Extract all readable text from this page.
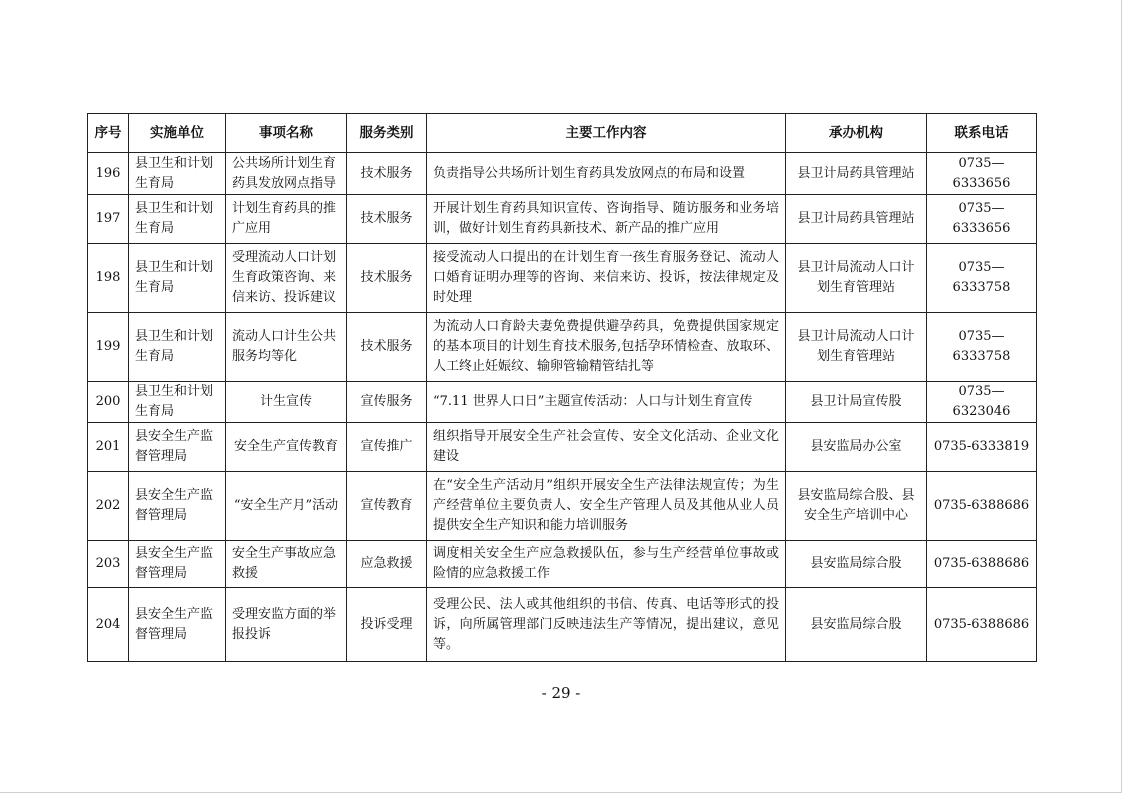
序号	实施单位	事项名称	服务类别	主要工作内容	承办机构	联系电话
196	县卫生和计划生育局	公共场所计划生育药具发放网点指导	技术服务	负责指导公共场所计划生育药具发放网点的布局和设置	县卫计局药具管理站	0735—6333656
197	县卫生和计划生育局	计划生育药具的推广应用	技术服务	开展计划生育药具知识宣传、咨询指导、随访服务和业务培训，做好计划生育药具新技术、新产品的推广应用	县卫计局药具管理站	0735—6333656
198	县卫生和计划生育局	受理流动人口计划生育政策咨询、来信来访、投诉建议	技术服务	接受流动人口提出的在计划生育一孩生育服务登记、流动人口婚育证明办理等的咨询、来信来访、投诉，按法律规定及时处理	县卫计局流动人口计划生育管理站	0735—6333758
199	县卫生和计划生育局	流动人口计生公共服务均等化	技术服务	为流动人口育龄夫妻免费提供避孕药具，免费提供国家规定的基本项目的计划生育技术服务,包括孕环情检查、放取环、人工终止妊娠纹、输卵管输精管结扎等	县卫计局流动人口计划生育管理站	0735—6333758
200	县卫生和计划生育局	计生宣传	宣传服务	“7.11 世界人口日”主题宣传活动：人口与计划生育宣传	县卫计局宣传股	0735—6323046
201	县安全生产监督管理局	安全生产宣传教育	宣传推广	组织指导开展安全生产社会宣传、安全文化活动、企业文化建设	县安监局办公室	0735-6333819
202	县安全生产监督管理局	“安全生产月”活动	宣传教育	在“安全生产活动月”组织开展安全生产法律法规宣传；为生产经营单位主要负责人、安全生产管理人员及其他从业人员提供安全生产知识和能力培训服务	县安监局综合股、县安全生产培训中心	0735-6388686
203	县安全生产监督管理局	安全生产事故应急救援	应急救援	调度相关安全生产应急救援队伍，参与生产经营单位事故或险情的应急救援工作	县安监局综合股	0735-6388686
204	县安全生产监督管理局	受理安监方面的举报投诉	投诉受理	受理公民、法人或其他组织的书信、传真、电话等形式的投诉，向所属管理部门反映违法生产等情况，提出建议，意见等。	县安监局综合股	0735-6388686
- 29 -
